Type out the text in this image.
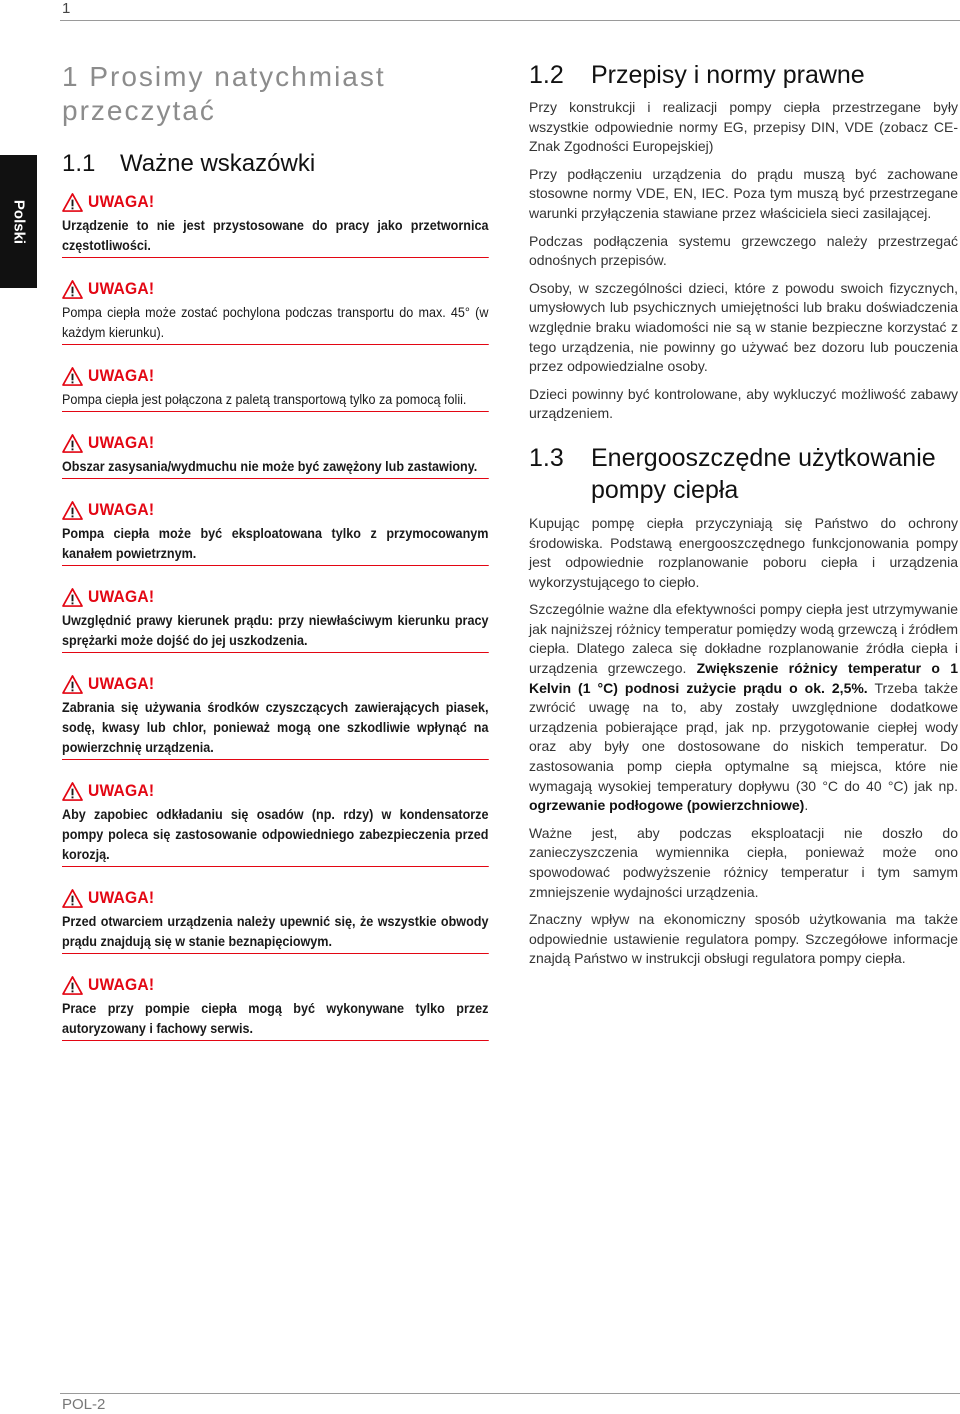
1
Polski
1 Prosimy natychmiast przeczytać
1.1 Ważne wskazówki
UWAGA!
Urządzenie to nie jest przystosowane do pracy jako przetwornica częstotliwości.
UWAGA!
Pompa ciepła może zostać pochylona podczas transportu do max. 45° (w każdym kierunku).
UWAGA!
Pompa ciepła jest połączona z paletą transportową tylko za pomocą folii.
UWAGA!
Obszar zasysania/wydmuchu nie może być zawężony lub zastawiony.
UWAGA!
Pompa ciepła może być eksploatowana tylko z przymocowanym kanałem powietrznym.
UWAGA!
Uwzględnić prawy kierunek prądu: przy niewłaściwym kierunku pracy sprężarki może dojść do jej uszkodzenia.
UWAGA!
Zabrania się używania środków czyszczących zawierających piasek, sodę, kwasy lub chlor, ponieważ mogą one szkodliwie wpłynąć na powierzchnię urządzenia.
UWAGA!
Aby zapobiec odkładaniu się osadów (np. rdzy) w kondensatorze pompy poleca się zastosowanie odpowiedniego zabezpieczenia przed korozją.
UWAGA!
Przed otwarciem urządzenia należy upewnić się, że wszystkie obwody prądu znajdują się w stanie beznapięciowym.
UWAGA!
Prace przy pompie ciepła mogą być wykonywane tylko przez autoryzowany i fachowy serwis.
1.2	Przepisy i normy prawne

Przy konstrukcji i realizacji pompy ciepła przestrzegane były wszystkie odpowiednie normy EG, przepisy DIN, VDE (zobacz CE-Znak Zgodności Europejskiej)

Przy podłączeniu urządzenia do prądu muszą być zachowane stosowne normy VDE, EN, IEC. Poza tym muszą być przestrzegane warunki przyłączenia stawiane przez właściciela sieci zasilającej.

Podczas podłączenia systemu grzewczego należy przestrzegać odnośnych przepisów.

Osoby, w szczególności dzieci, które z powodu swoich fizycznych, umysłowych lub psychicznych umiejętności lub braku doświadczenia względnie braku wiadomości nie są w stanie bezpieczne korzystać z tego urządzenia, nie powinny go używać bez dozoru lub pouczenia przez odpowiedzialne osoby.

Dzieci powinny być kontrolowane, aby wykluczyć możliwość zabawy urządzeniem.

1.3	Energooszczędne użytkowanie pompy ciepła

Kupując pompę ciepła przyczyniają się Państwo do ochrony środowiska. Podstawą energooszczędnego funkcjonowania pompy jest odpowiednie rozplanowanie poboru ciepła i urządzenia wykorzystującego to ciepło.

Szczególnie ważne dla efektywności pompy ciepła jest utrzymywanie jak najniższej różnicy temperatur pomiędzy wodą grzewczą i źródłem ciepła. Dlatego zaleca się dokładne rozplanowanie źródła ciepła i urządzenia grzewczego. Zwiększenie różnicy temperatur o 1 Kelvin (1 °C) podnosi zużycie prądu o ok. 2,5%. Trzeba także zwrócić uwagę na to, aby zostały uwzględnione dodatkowe urządzenia pobierające prąd, jak np. przygotowanie ciepłej wody oraz aby były one dostosowane do niskich temperatur. Do zastosowania pomp ciepła optymalne są miejsca, które nie wymagają wysokiej temperatury dopływu (30 °C do 40 °C) jak np. ogrzewanie podłogowe (powierzchniowe).

Ważne jest, aby podczas eksploatacji nie doszło do zanieczyszczenia wymiennika ciepła, ponieważ może ono spowodować podwyższenie różnicy temperatur i tym samym zmniejszenie wydajności urządzenia.

Znaczny wpływ na ekonomiczny sposób użytkowania ma także odpowiednie ustawienie regulatora pompy. Szczegółowe informacje znajdą Państwo w instrukcji obsługi regulatora pompy ciepła.

POL-2
